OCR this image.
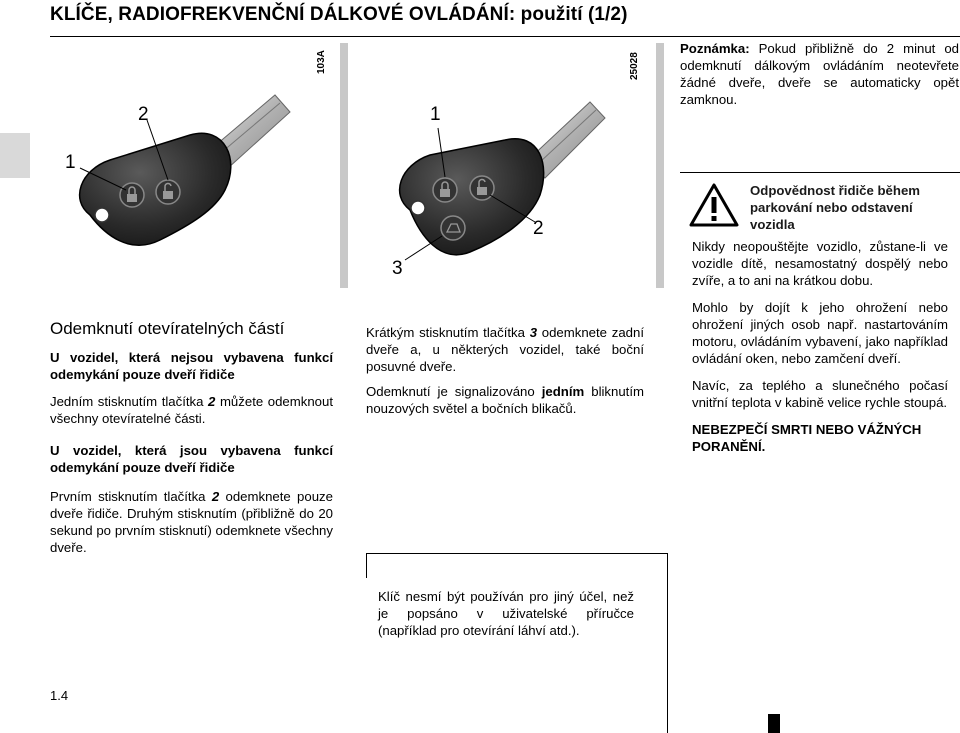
KLÍČE, RADIOFREKVENČNÍ DÁLKOVÉ OVLÁDÁNÍ: použití (1/2)
2
1
103A
1
2
3
25028

Odemknutí otevíratelných částí

U vozidel, která nejsou vybavena funkcí odemykání pouze dveří řidiče

Jedním stisknutím tlačítka 2 můžete odemknout všechny otevíratelné části.

U vozidel, která jsou vybavena funkcí odemykání pouze dveří řidiče

Prvním stisknutím tlačítka 2 odemknete pouze dveře řidiče. Druhým stisknutím (přibližně do 20 sekund po prvním stisknutí) odemknete všechny dveře.

Krátkým stisknutím tlačítka 3 odemknete zadní dveře a, u některých vozidel, také boční posuvné dveře.

Odemknutí je signalizováno jedním bliknutím nouzových světel a bočních blikačů.

Klíč nesmí být používán pro jiný účel, než je popsáno v uživatelské příručce (například pro otevírání láhví atd.).

Poznámka: Pokud přibližně do 2 minut od odemknutí dálkovým ovládáním neotevřete žádné dveře, dveře se automaticky opět zamknou.

Odpovědnost řidiče během parkování nebo odstavení vozidla

Nikdy neopouštějte vozidlo, zůstane-li ve vozidle dítě, nesamostatný dospělý nebo zvíře, a to ani na krátkou dobu.

Mohlo by dojít k jeho ohrožení nebo ohrožení jiných osob např. nastartováním motoru, ovládáním vybavení, jako například ovládání oken, nebo zamčení dveří.

Navíc, za teplého a slunečného počasí vnitřní teplota v kabině velice rychle stoupá.

NEBEZPEČÍ SMRTI NEBO VÁŽNÝCH PORANĚNÍ.

1.4
